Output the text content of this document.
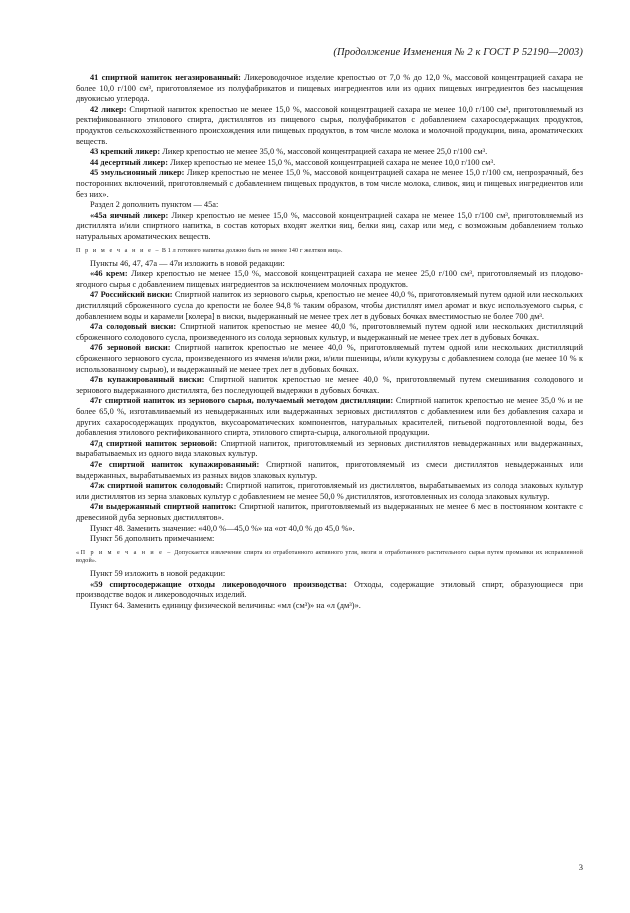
(Продолжение Изменения № 2 к ГОСТ Р 52190—2003)

41 спиртной напиток негазированный: Ликероводочное изделие крепостью от 7,0 % до 12,0 %, массовой концентрацией сахара не более 10,0 г/100 см³, приготовляемое из полуфабрикатов и пищевых ингредиентов или из одних пищевых ингредиентов без насыщения двуокисью углерода.

42 ликер: Спиртной напиток крепостью не менее 15,0 %, массовой концентрацией сахара не менее 10,0 г/100 см³, приготовляемый из ректификованного этилового спирта, дистиллятов из пищевого сырья, полуфабрикатов с добавлением сахаросодержащих продуктов, продуктов сельскохозяйственного происхождения или пищевых продуктов, в том числе молока и молочной продукции, вина, ароматических веществ.

43 крепкий ликер: Ликер крепостью не менее 35,0 %, массовой концентрацией сахара не менее 25,0 г/100 см³.

44 десертный ликер: Ликер крепостью не менее 15,0 %, массовой концентрацией сахара не менее 10,0 г/100 см³.

45 эмульсионный ликер: Ликер крепостью не менее 15,0 %, массовой концентрацией сахара не менее 15,0 г/100 см, непрозрачный, без посторонних включений, приготовляемый с добавлением пищевых продуктов, в том числе молока, сливок, яиц и пищевых ингредиентов или без них».

Раздел 2 дополнить пунктом — 45а:

«45а яичный ликер: Ликер крепостью не менее 15,0 %, массовой концентрацией сахара не менее 15,0 г/100 см³, приготовляемый из дистиллята и/или спиртного напитка, в состав которых входят желтки яиц, белки яиц, сахар или мед, с возможным добавлением только натуральных ароматических веществ.

П р и м е ч а н и е – В 1 л готового напитка должно быть не менее 140 г желтков яиц».

Пункты 46, 47, 47а — 47и изложить в новой редакции:

«46 крем: Ликер крепостью не менее 15,0 %, массовой концентрацией сахара не менее 25,0 г/100 см³, приготовляемый из плодово-ягодного сырья с добавлением пищевых ингредиентов за исключением молочных продуктов.

47 Российский виски: Спиртной напиток из зернового сырья, крепостью не менее 40,0 %, приготовляемый путем одной или нескольких дистилляций сброженного сусла до крепости не более 94,8 % таким образом, чтобы дистиллят имел аромат и вкус используемого сырья, с добавлением воды и карамели [колера] в виски, выдержанный не менее трех лет в дубовых бочках вместимостью не более 700 дм³.

47а солодовый виски: Спиртной напиток крепостью не менее 40,0 %, приготовляемый путем одной или нескольких дистилляций сброженного солодового сусла, произведенного из солода зерновых культур, и выдержанный не менее трех лет в дубовых бочках.

47б зерновой виски: Спиртной напиток крепостью не менее 40,0 %, приготовляемый путем одной или нескольких дистилляций сброженного зернового сусла, произведенного из ячменя и/или ржи, и/или пшеницы, и/или кукурузы с добавлением солода (не менее 10 % к использованному сырью), и выдержанный не менее трех лет в дубовых бочках.

47в купажированный виски: Спиртной напиток крепостью не менее 40,0 %, приготовляемый путем смешивания солодового и зернового выдержанного дистиллята, без последующей выдержки в дубовых бочках.

47г спиртной напиток из зернового сырья, получаемый методом дистилляции: Спиртной напиток крепостью не менее 35,0 % и не более 65,0 %, изготавливаемый из невыдержанных или выдержанных зерновых дистиллятов с добавлением или без добавления сахара и других сахаросодержащих продуктов, вкусоароматических компонентов, натуральных красителей, питьевой подготовленной воды, без добавления этилового ректификованного спирта, этилового спирта-сырца, алкогольной продукции.

47д спиртной напиток зерновой: Спиртной напиток, приготовляемый из зерновых дистиллятов невыдержанных или выдержанных, вырабатываемых из одного вида злаковых культур.

47е спиртной напиток купажированный: Спиртной напиток, приготовляемый из смеси дистиллятов невыдержанных или выдержанных, вырабатываемых из разных видов злаковых культур.

47ж спиртной напиток солодовый: Спиртной напиток, приготовляемый из дистиллятов, вырабатываемых из солода злаковых культур или дистиллятов из зерна злаковых культур с добавлением не менее 50,0 % дистиллятов, изготовленных из солода злаковых культур.

47и выдержанный спиртной напиток: Спиртной напиток, приготовляемый из выдержанных не менее 6 мес в постоянном контакте с древесиной дуба зерновых дистиллятов».

Пункт 48. Заменить значение: «40,0 %—45,0 %» на «от 40,0 % до 45,0 %».

Пункт 56 дополнить примечанием:

«П р и м е ч а н и е – Допускается извлечение спирта из отработанного активного угля, мезги и отработанного растительного сырья путем промывки их исправленной водой».

Пункт 59 изложить в новой редакции:

«59 спиртосодержащие отходы ликероводочного производства: Отходы, содержащие этиловый спирт, образующиеся при производстве водок и ликероводочных изделий.

Пункт 64. Заменить единицу физической величины: «мл (см³)» на «л (дм³)».

3
